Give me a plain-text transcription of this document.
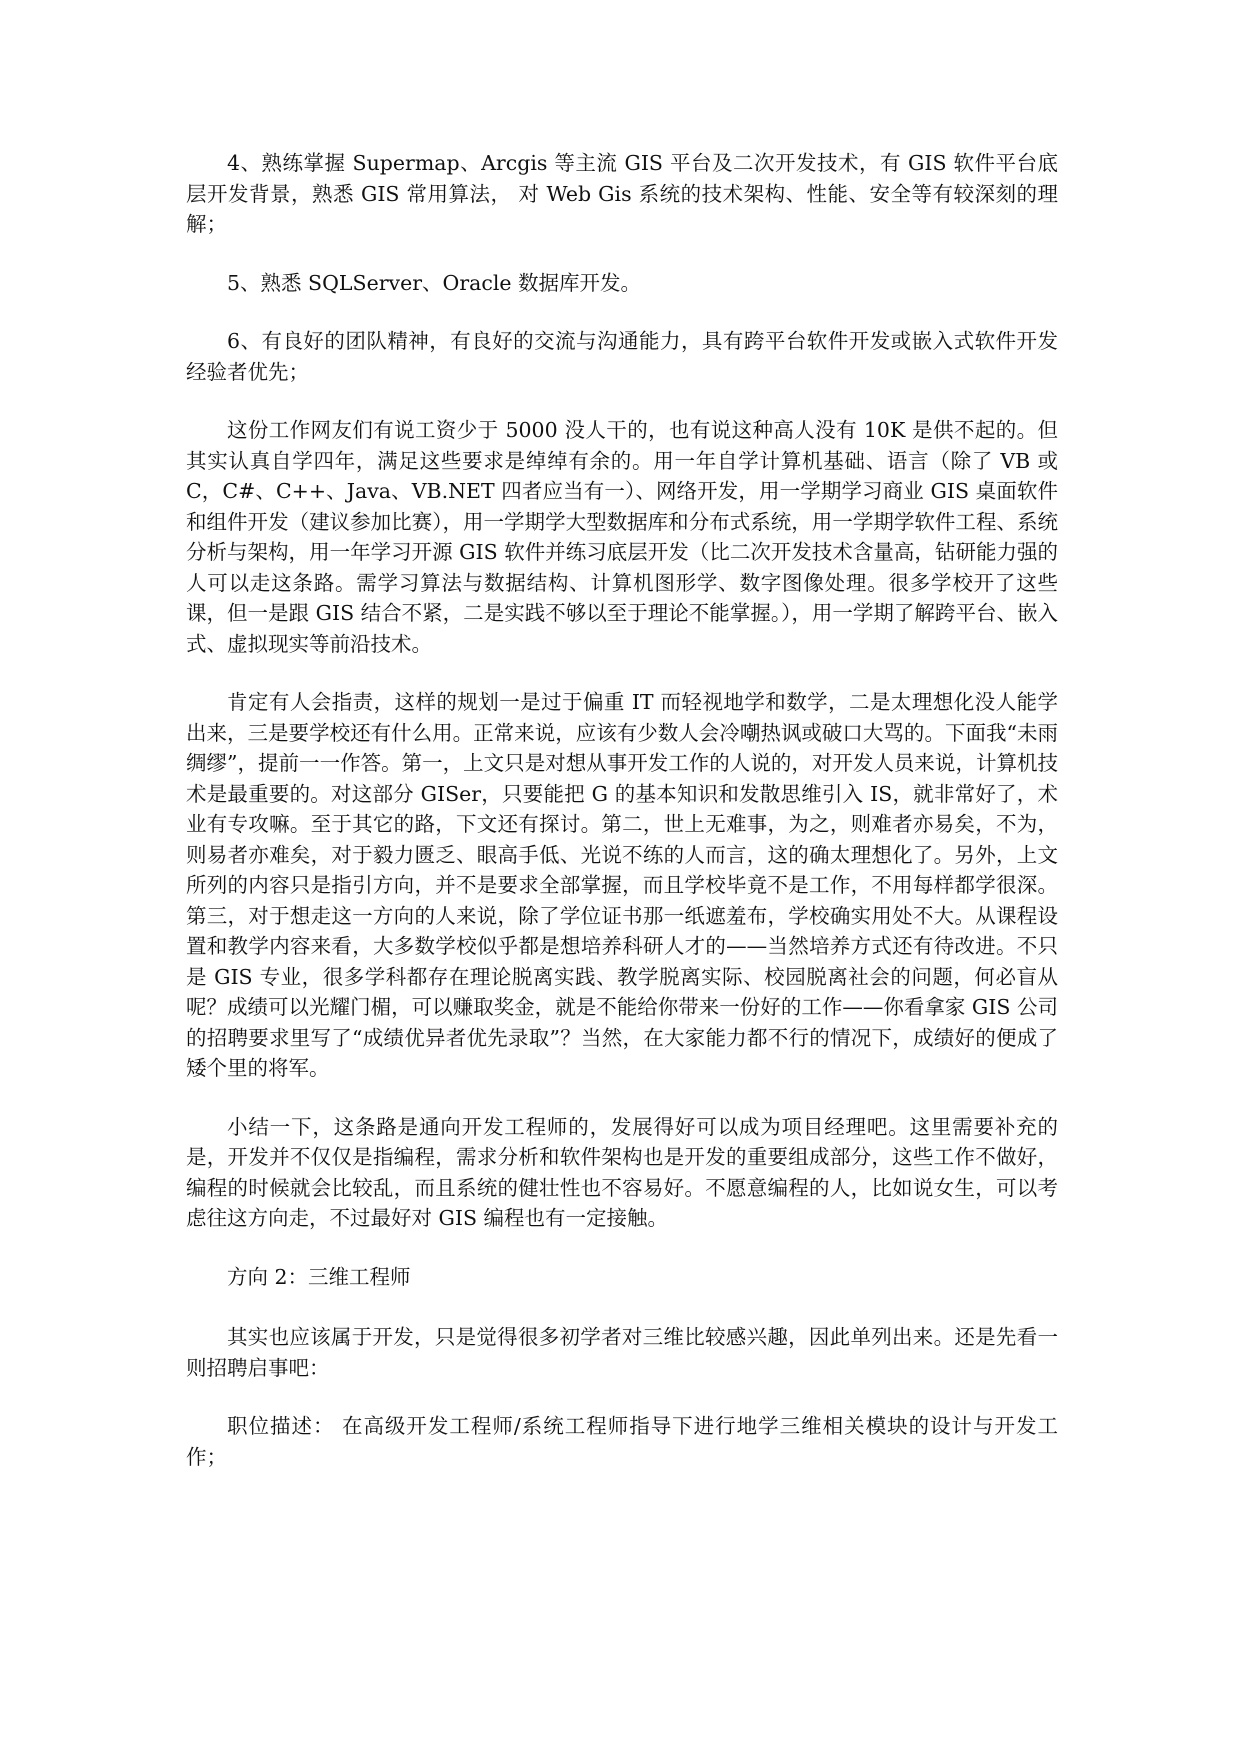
4、熟练掌握 Supermap、Arcgis 等主流 GIS 平台及二次开发技术，有 GIS 软件平台底层开发背景，熟悉 GIS 常用算法， 对 Web Gis 系统的技术架构、性能、安全等有较深刻的理解；

5、熟悉 SQLServer、Oracle 数据库开发。

6、有良好的团队精神，有良好的交流与沟通能力，具有跨平台软件开发或嵌入式软件开发经验者优先；

这份工作网友们有说工资少于 5000 没人干的，也有说这种高人没有 10K 是供不起的。但其实认真自学四年，满足这些要求是绰绰有余的。用一年自学计算机基础、语言（除了 VB 或 C，C#、C++、Java、VB.NET 四者应当有一）、网络开发，用一学期学习商业 GIS 桌面软件和组件开发（建议参加比赛），用一学期学大型数据库和分布式系统，用一学期学软件工程、系统分析与架构，用一年学习开源 GIS 软件并练习底层开发（比二次开发技术含量高，钻研能力强的人可以走这条路。需学习算法与数据结构、计算机图形学、数字图像处理。很多学校开了这些课，但一是跟 GIS 结合不紧，二是实践不够以至于理论不能掌握。），用一学期了解跨平台、嵌入式、虚拟现实等前沿技术。

肯定有人会指责，这样的规划一是过于偏重 IT 而轻视地学和数学，二是太理想化没人能学出来，三是要学校还有什么用。正常来说，应该有少数人会冷嘲热讽或破口大骂的。下面我“未雨绸缪”，提前一一作答。第一，上文只是对想从事开发工作的人说的，对开发人员来说，计算机技术是最重要的。对这部分 GISer，只要能把 G 的基本知识和发散思维引入 IS，就非常好了，术业有专攻嘛。至于其它的路，下文还有探讨。第二，世上无难事，为之，则难者亦易矣，不为，则易者亦难矣，对于毅力匮乏、眼高手低、光说不练的人而言，这的确太理想化了。另外，上文所列的内容只是指引方向，并不是要求全部掌握，而且学校毕竟不是工作，不用每样都学很深。第三，对于想走这一方向的人来说，除了学位证书那一纸遮羞布，学校确实用处不大。从课程设置和教学内容来看，大多数学校似乎都是想培养科研人才的——当然培养方式还有待改进。不只是 GIS 专业，很多学科都存在理论脱离实践、教学脱离实际、校园脱离社会的问题，何必盲从呢？成绩可以光耀门楣，可以赚取奖金，就是不能给你带来一份好的工作——你看拿家 GIS 公司的招聘要求里写了“成绩优异者优先录取”？当然，在大家能力都不行的情况下，成绩好的便成了矮个里的将军。

小结一下，这条路是通向开发工程师的，发展得好可以成为项目经理吧。这里需要补充的是，开发并不仅仅是指编程，需求分析和软件架构也是开发的重要组成部分，这些工作不做好，编程的时候就会比较乱，而且系统的健壮性也不容易好。不愿意编程的人，比如说女生，可以考虑往这方向走，不过最好对 GIS 编程也有一定接触。

方向 2：三维工程师

其实也应该属于开发，只是觉得很多初学者对三维比较感兴趣，因此单列出来。还是先看一则招聘启事吧：

职位描述： 在高级开发工程师/系统工程师指导下进行地学三维相关模块的设计与开发工作；
